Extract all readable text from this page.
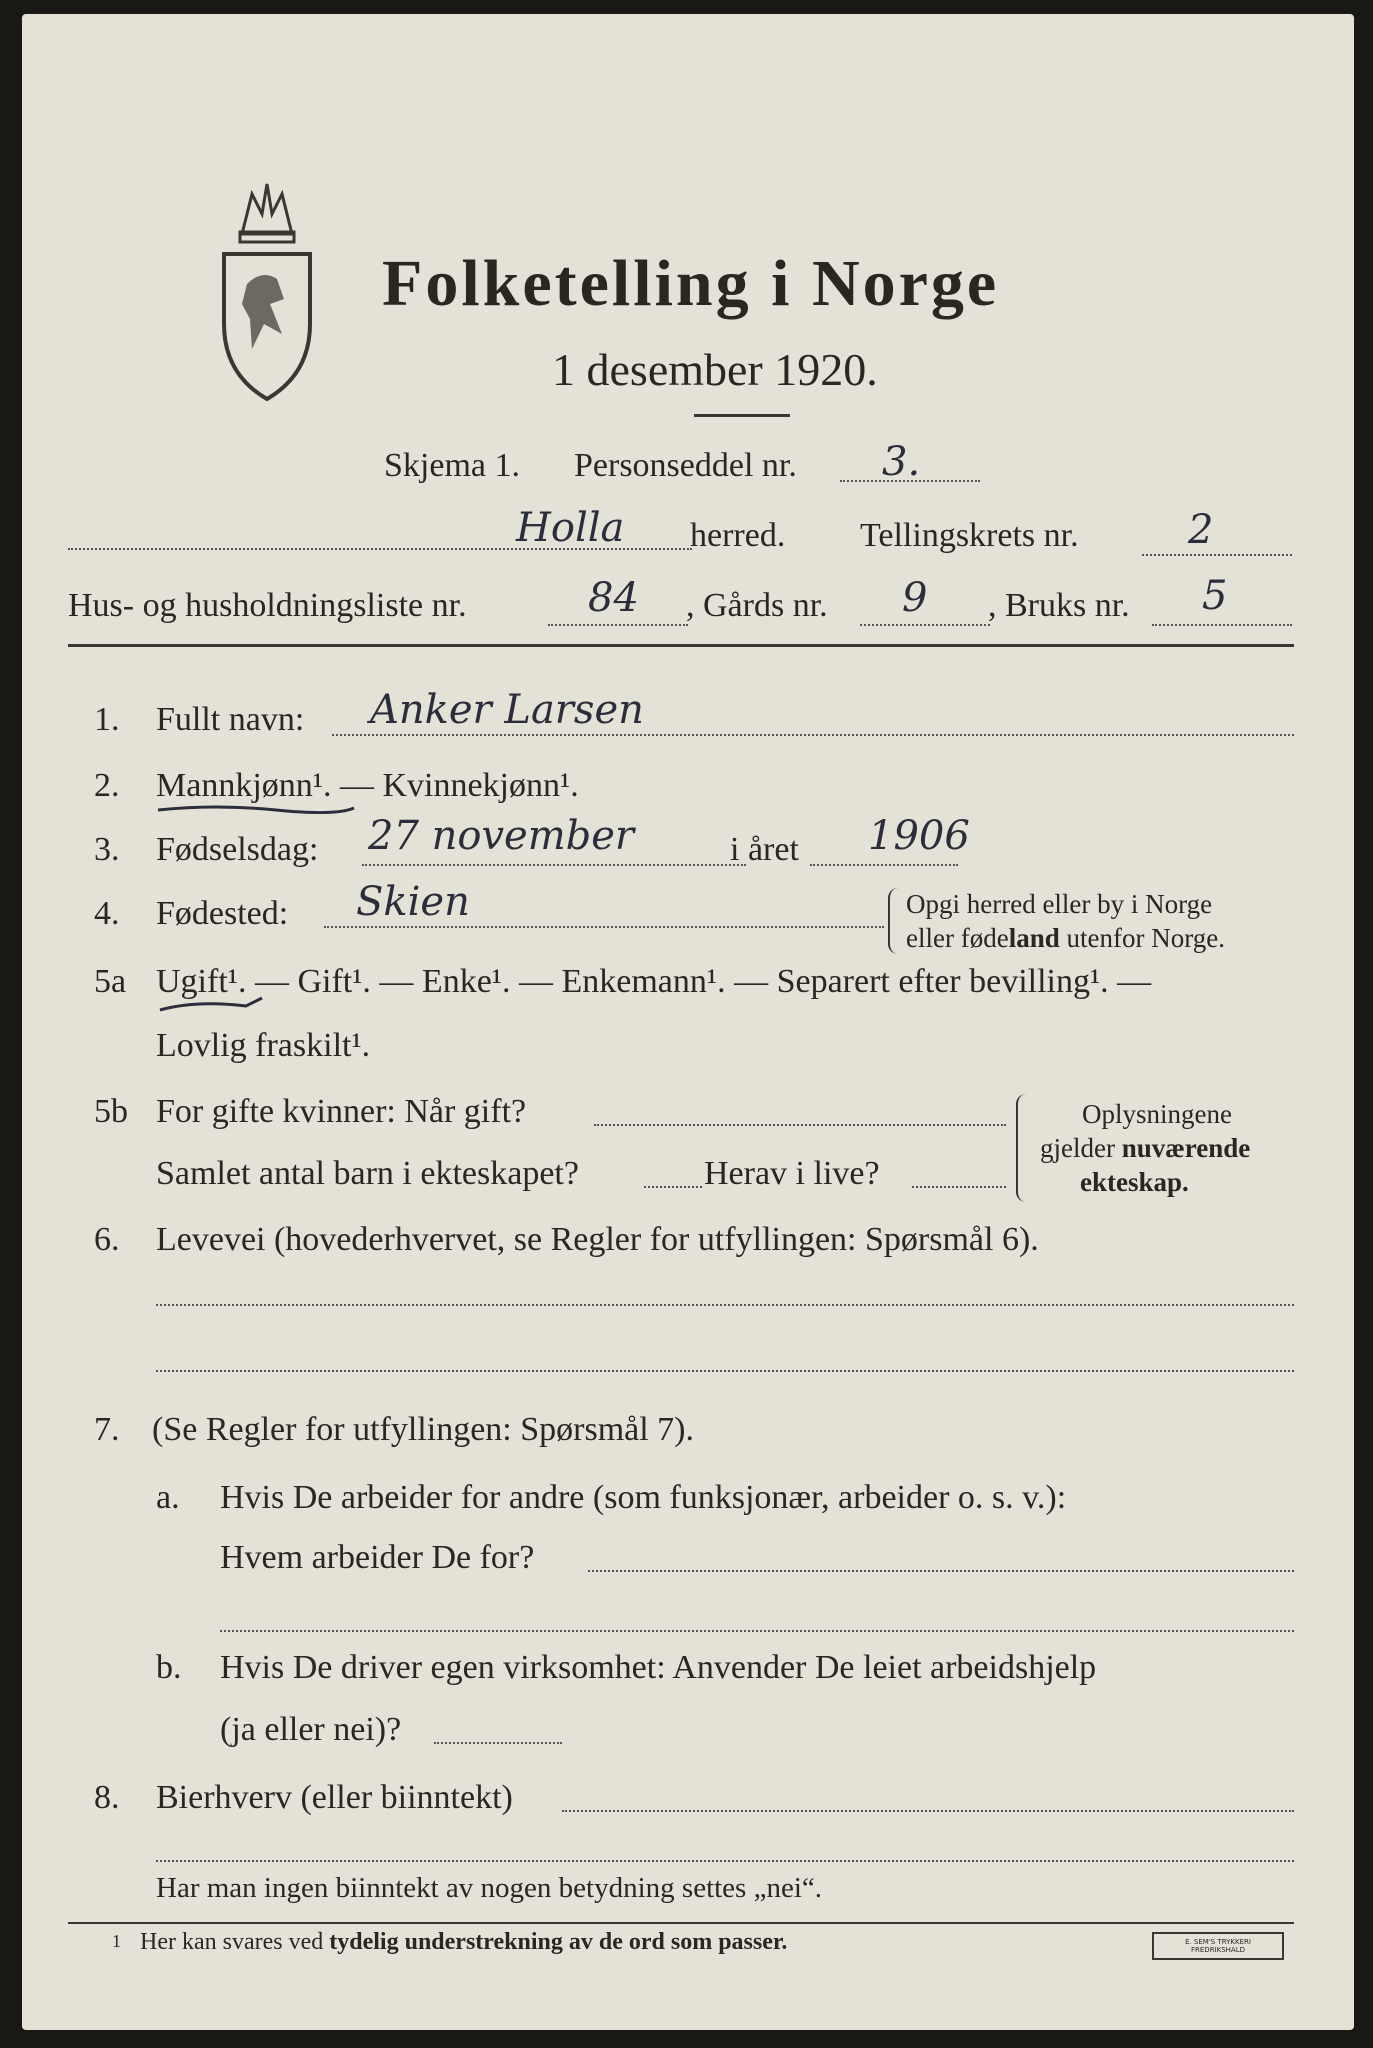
Folketelling i Norge
1 desember 1920.
Skjema 1. Personseddel nr. 3.
Holla herred. Tellingskrets nr.	2
Hus- og husholdningsliste nr.	84 , Gårds nr. 9 , Bruks nr. 5
1. Fullt navn: Anker Larsen
2. Mannkjønn¹. — Kvinnekjønn¹.
3. Fødselsdag: 27 november	i året 1906
4. Fødested: Skien	Opgi herred eller by i Norge
eller fødeland utenfor Norge.
5a Ugift¹. — Gift¹. — Enke¹. — Enkemann¹. — Separert efter bevilling¹. —
Lovlig fraskilt¹.
5b For gifte kvinner: Når gift?
Samlet antal barn i ekteskapet?	Herav i live?
Oplysningene
gjelder nuværende
ekteskap.
6. Levevei (hovederhvervet, se Regler for utfyllingen: Spørsmål 6).
7. (Se Regler for utfyllingen: Spørsmål 7).
a. Hvis De arbeider for andre (som funksjonær, arbeider o. s. v.):
Hvem arbeider De for?
b. Hvis De driver egen virksomhet: Anvender De leiet arbeidshjelp
(ja eller nei)?
8. Bierhverv (eller biinntekt)
Har man ingen biinntekt av nogen betydning settes „nei“.
1 Her kan svares ved tydelig understrekning av de ord som passer.	E. SEM'S TRYKKERI FREDRIKSHALD
